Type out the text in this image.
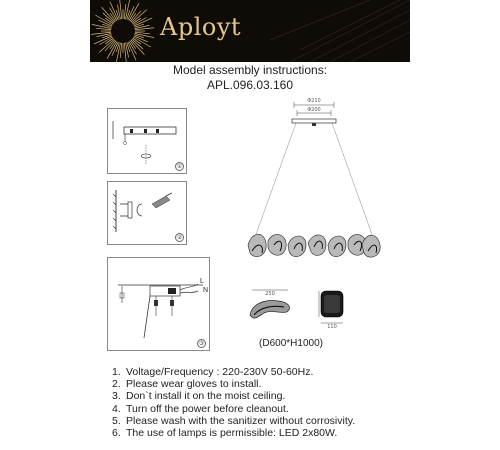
Aployt
Model assembly instructions:
APL.096.03.160
①
②
③
L
N
Φ210
Φ200
250
110
(D600*H1000)
1. Voltage/Frequency : 220-230V 50-60Hz.
2. Please wear gloves to install.
3. Don`t install it on the moist ceiling.
4. Turn off the power before cleanout.
5. Please wash with the sanitizer without corrosivity.
6. The use of lamps is permissible: LED 2x80W.
